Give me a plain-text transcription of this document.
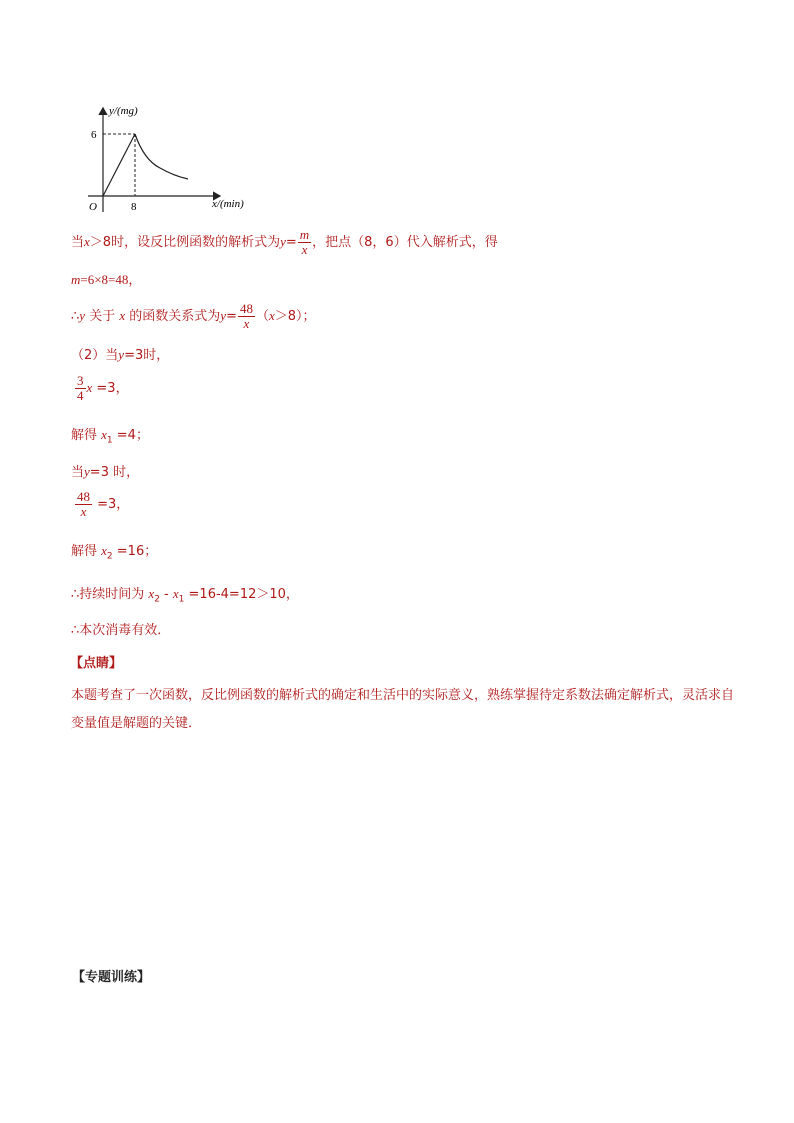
y/(mg)
x/(min)
O
6
8
当x＞8时，设反比例函数的解析式为$y= \frac{m}{x}$ ，把点（8，6）代入解析式，得
m=6×8=48，
∴y 关于 x 的函数关系式为$y= \frac{48}{x} (x>8)$；
（2）当y=3时，
$\frac{3}{4}$ x =3，
解得 $x_1 =4$；
当y=3 时，
$\frac{48}{x} =3$，
解得 $x_2 =16$；
∴持续时间为 $x_2 - x_1 =16-4=12>10$，
∴本次消毒有效．
【点睛】
本题考查了一次函数，反比例函数的解析式的确定和生活中的实际意义，熟练掌握待定系数法确定解析式，灵活求自变量值是解题的关键．
【专题训练】
